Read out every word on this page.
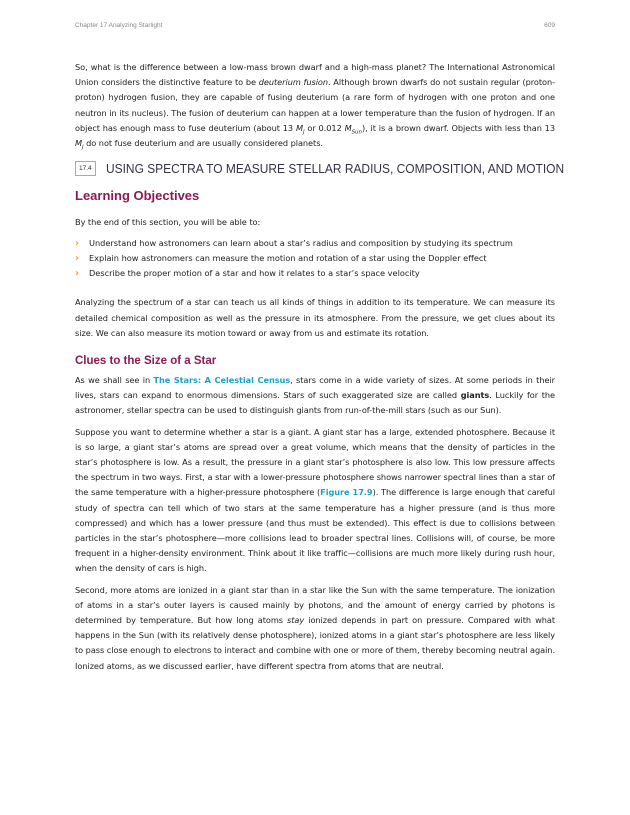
Chapter 17 Analyzing Starlight	609

So, what is the difference between a low-mass brown dwarf and a high-mass planet? The International Astronomical Union considers the distinctive feature to be deuterium fusion. Although brown dwarfs do not sustain regular (proton-proton) hydrogen fusion, they are capable of fusing deuterium (a rare form of hydrogen with one proton and one neutron in its nucleus). The fusion of deuterium can happen at a lower temperature than the fusion of hydrogen. If an object has enough mass to fuse deuterium (about 13 $M_J$ or 0.012 $M_{Sun}$), it is a brown dwarf. Objects with less than 13 $M_J$ do not fuse deuterium and are usually considered planets.

17.4	USING SPECTRA TO MEASURE STELLAR RADIUS, COMPOSITION, AND MOTION
Learning Objectives

By the end of this section, you will be able to:

› Understand how astronomers can learn about a star’s radius and composition by studying its spectrum
› Explain how astronomers can measure the motion and rotation of a star using the Doppler effect
› Describe the proper motion of a star and how it relates to a star’s space velocity

Analyzing the spectrum of a star can teach us all kinds of things in addition to its temperature. We can measure its detailed chemical composition as well as the pressure in its atmosphere. From the pressure, we get clues about its size. We can also measure its motion toward or away from us and estimate its rotation.

Clues to the Size of a Star

As we shall see in The Stars: A Celestial Census, stars come in a wide variety of sizes. At some periods in their lives, stars can expand to enormous dimensions. Stars of such exaggerated size are called giants. Luckily for the astronomer, stellar spectra can be used to distinguish giants from run-of-the-mill stars (such as our Sun).

Suppose you want to determine whether a star is a giant. A giant star has a large, extended photosphere. Because it is so large, a giant star’s atoms are spread over a great volume, which means that the density of particles in the star’s photosphere is low. As a result, the pressure in a giant star’s photosphere is also low. This low pressure affects the spectrum in two ways. First, a star with a lower-pressure photosphere shows narrower spectral lines than a star of the same temperature with a higher-pressure photosphere (Figure 17.9). The difference is large enough that careful study of spectra can tell which of two stars at the same temperature has a higher pressure (and is thus more compressed) and which has a lower pressure (and thus must be extended). This effect is due to collisions between particles in the star’s photosphere—more collisions lead to broader spectral lines. Collisions will, of course, be more frequent in a higher-density environment. Think about it like traffic—collisions are much more likely during rush hour, when the density of cars is high.

Second, more atoms are ionized in a giant star than in a star like the Sun with the same temperature. The ionization of atoms in a star’s outer layers is caused mainly by photons, and the amount of energy carried by photons is determined by temperature. But how long atoms stay ionized depends in part on pressure. Compared with what happens in the Sun (with its relatively dense photosphere), ionized atoms in a giant star’s photosphere are less likely to pass close enough to electrons to interact and combine with one or more of them, thereby becoming neutral again. Ionized atoms, as we discussed earlier, have different spectra from atoms that are neutral.
